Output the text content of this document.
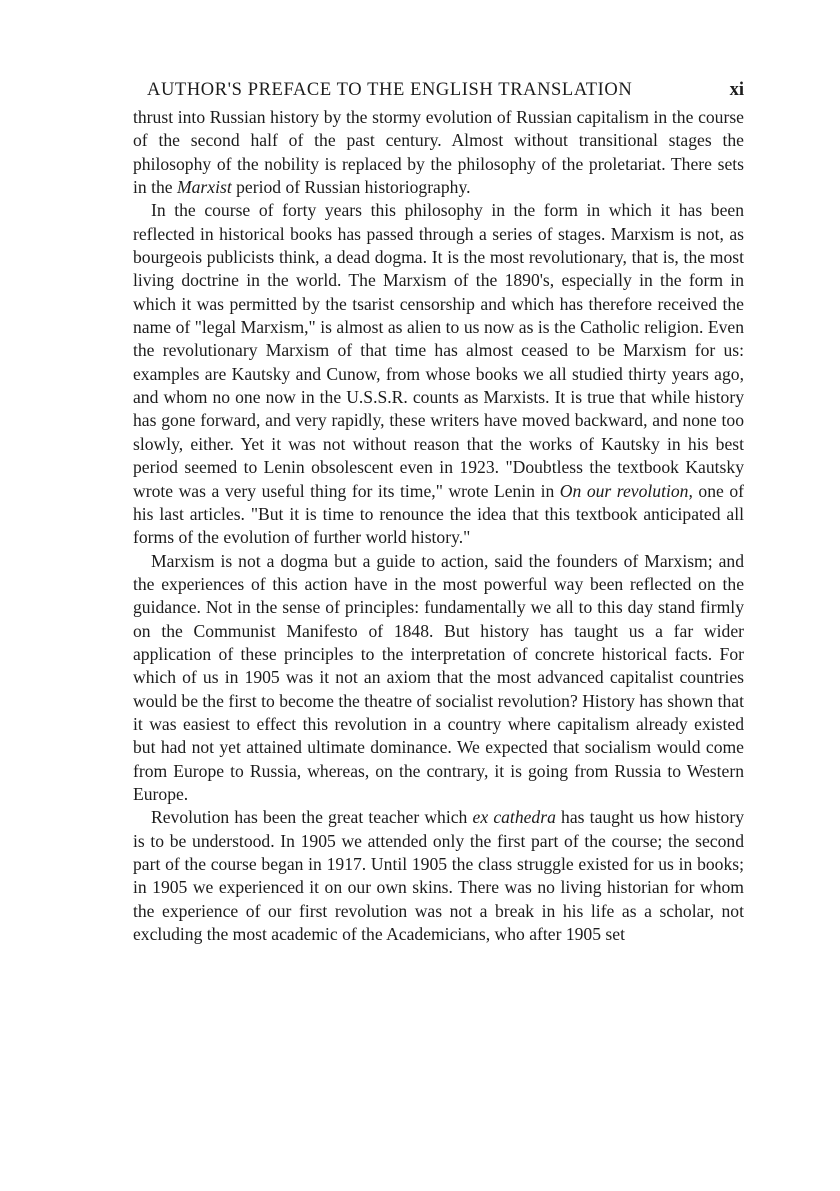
AUTHOR'S PREFACE TO THE ENGLISH TRANSLATION	xi

thrust into Russian history by the stormy evolution of Russian capitalism in the course of the second half of the past century. Almost without transitional stages the philosophy of the nobility is replaced by the philosophy of the proletariat. There sets in the Marxist period of Russian historiography.

In the course of forty years this philosophy in the form in which it has been reflected in historical books has passed through a series of stages. Marxism is not, as bourgeois publicists think, a dead dogma. It is the most revolutionary, that is, the most living doctrine in the world. The Marxism of the 1890's, especially in the form in which it was permitted by the tsarist censorship and which has therefore received the name of "legal Marxism," is almost as alien to us now as is the Catholic religion. Even the revolutionary Marxism of that time has almost ceased to be Marxism for us: examples are Kautsky and Cunow, from whose books we all studied thirty years ago, and whom no one now in the U.S.S.R. counts as Marxists. It is true that while history has gone forward, and very rapidly, these writers have moved backward, and none too slowly, either. Yet it was not without reason that the works of Kautsky in his best period seemed to Lenin obsolescent even in 1923. "Doubtless the textbook Kautsky wrote was a very useful thing for its time," wrote Lenin in On our revolution, one of his last articles. "But it is time to renounce the idea that this textbook anticipated all forms of the evolution of further world history."

Marxism is not a dogma but a guide to action, said the founders of Marxism; and the experiences of this action have in the most powerful way been reflected on the guidance. Not in the sense of principles: fundamentally we all to this day stand firmly on the Communist Manifesto of 1848. But history has taught us a far wider application of these principles to the interpretation of concrete historical facts. For which of us in 1905 was it not an axiom that the most advanced capitalist countries would be the first to become the theatre of socialist revolution? History has shown that it was easiest to effect this revolution in a country where capitalism already existed but had not yet attained ultimate dominance. We expected that socialism would come from Europe to Russia, whereas, on the contrary, it is going from Russia to Western Europe.

Revolution has been the great teacher which ex cathedra has taught us how history is to be understood. In 1905 we attended only the first part of the course; the second part of the course began in 1917. Until 1905 the class struggle existed for us in books; in 1905 we experienced it on our own skins. There was no living historian for whom the experience of our first revolution was not a break in his life as a scholar, not excluding the most academic of the Academicians, who after 1905 set
